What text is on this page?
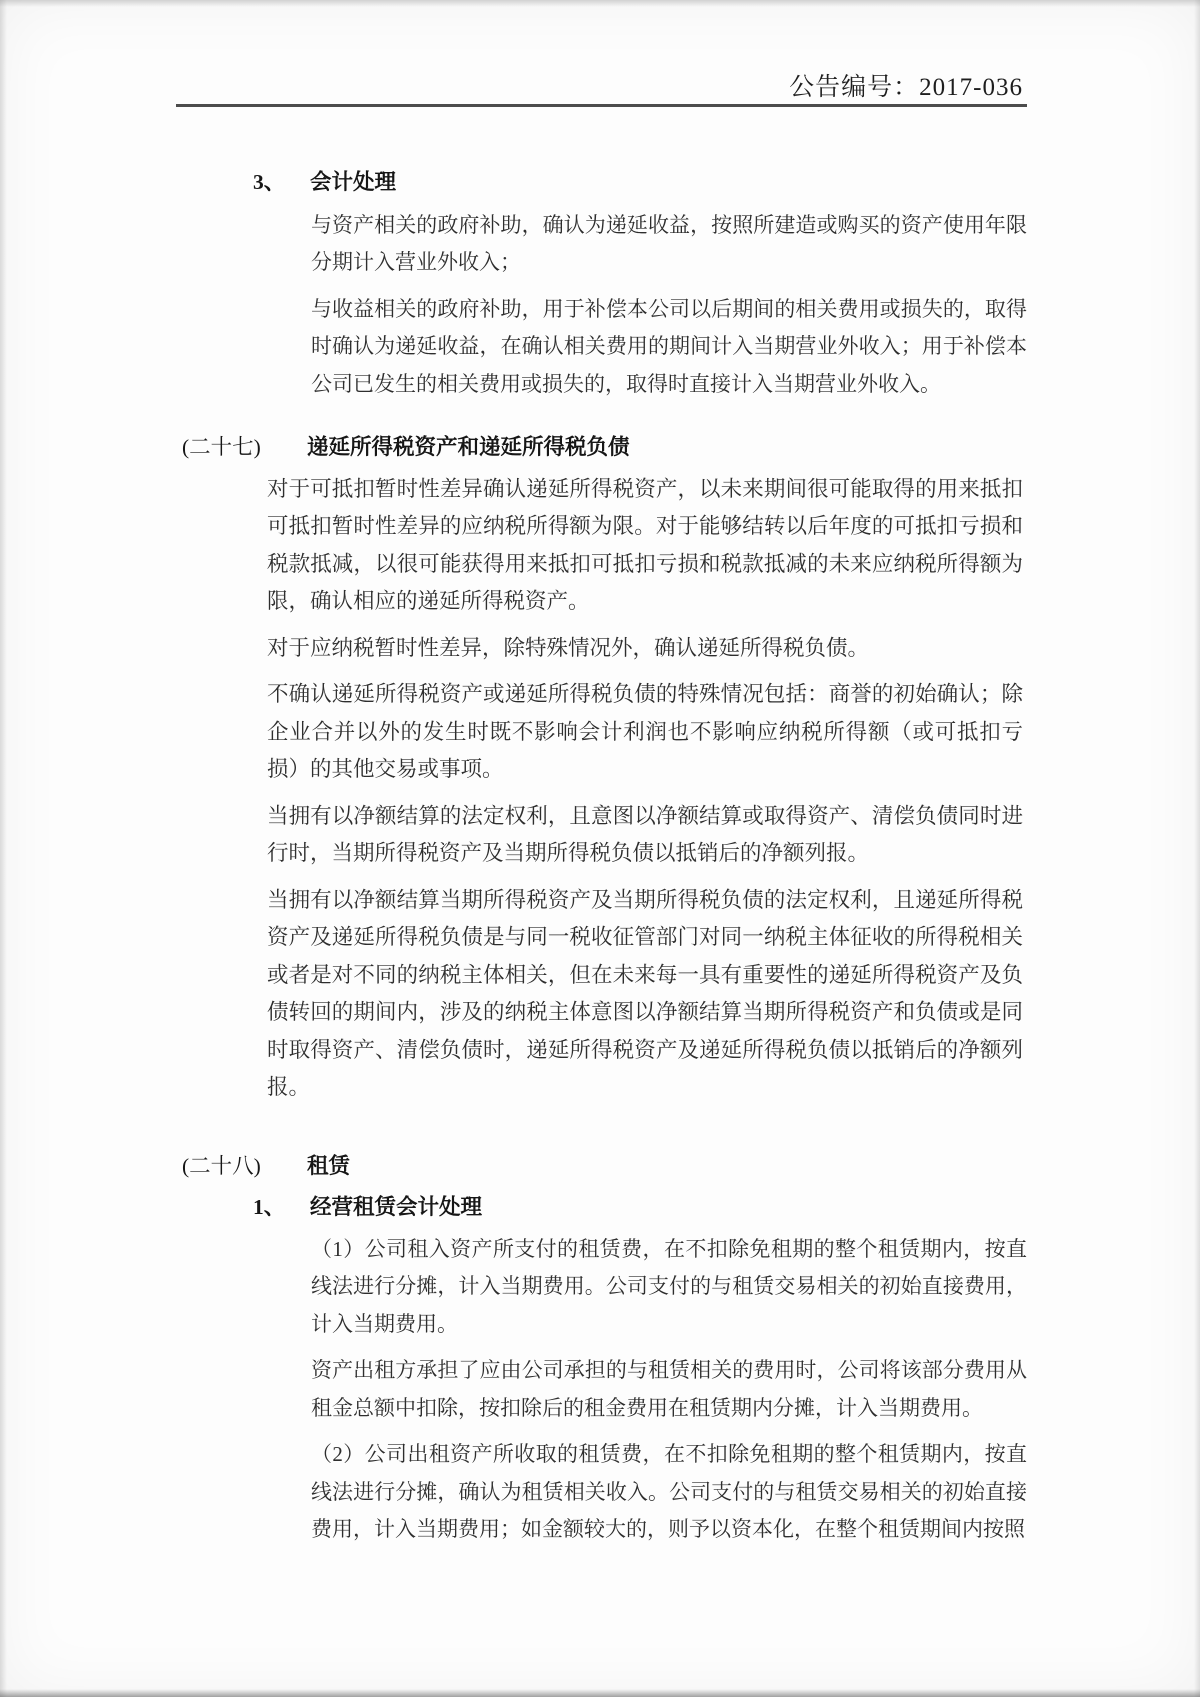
公告编号：2017-036
3、	会计处理

与资产相关的政府补助，确认为递延收益，按照所建造或购买的资产使用年限分期计入营业外收入；

与收益相关的政府补助，用于补偿本公司以后期间的相关费用或损失的，取得时确认为递延收益，在确认相关费用的期间计入当期营业外收入；用于补偿本公司已发生的相关费用或损失的，取得时直接计入当期营业外收入。

(二十七)	递延所得税资产和递延所得税负债

对于可抵扣暂时性差异确认递延所得税资产，以未来期间很可能取得的用来抵扣可抵扣暂时性差异的应纳税所得额为限。对于能够结转以后年度的可抵扣亏损和税款抵减，以很可能获得用来抵扣可抵扣亏损和税款抵减的未来应纳税所得额为限，确认相应的递延所得税资产。

对于应纳税暂时性差异，除特殊情况外，确认递延所得税负债。

不确认递延所得税资产或递延所得税负债的特殊情况包括：商誉的初始确认；除企业合并以外的发生时既不影响会计利润也不影响应纳税所得额（或可抵扣亏损）的其他交易或事项。

当拥有以净额结算的法定权利，且意图以净额结算或取得资产、清偿负债同时进行时，当期所得税资产及当期所得税负债以抵销后的净额列报。

当拥有以净额结算当期所得税资产及当期所得税负债的法定权利，且递延所得税资产及递延所得税负债是与同一税收征管部门对同一纳税主体征收的所得税相关或者是对不同的纳税主体相关，但在未来每一具有重要性的递延所得税资产及负债转回的期间内，涉及的纳税主体意图以净额结算当期所得税资产和负债或是同时取得资产、清偿负债时，递延所得税资产及递延所得税负债以抵销后的净额列报。

(二十八)	租赁
1、	经营租赁会计处理

（1）公司租入资产所支付的租赁费，在不扣除免租期的整个租赁期内，按直线法进行分摊，计入当期费用。公司支付的与租赁交易相关的初始直接费用，计入当期费用。

资产出租方承担了应由公司承担的与租赁相关的费用时，公司将该部分费用从租金总额中扣除，按扣除后的租金费用在租赁期内分摊，计入当期费用。

（2）公司出租资产所收取的租赁费，在不扣除免租期的整个租赁期内，按直线法进行分摊，确认为租赁相关收入。公司支付的与租赁交易相关的初始直接费用，计入当期费用；如金额较大的，则予以资本化，在整个租赁期间内按照
